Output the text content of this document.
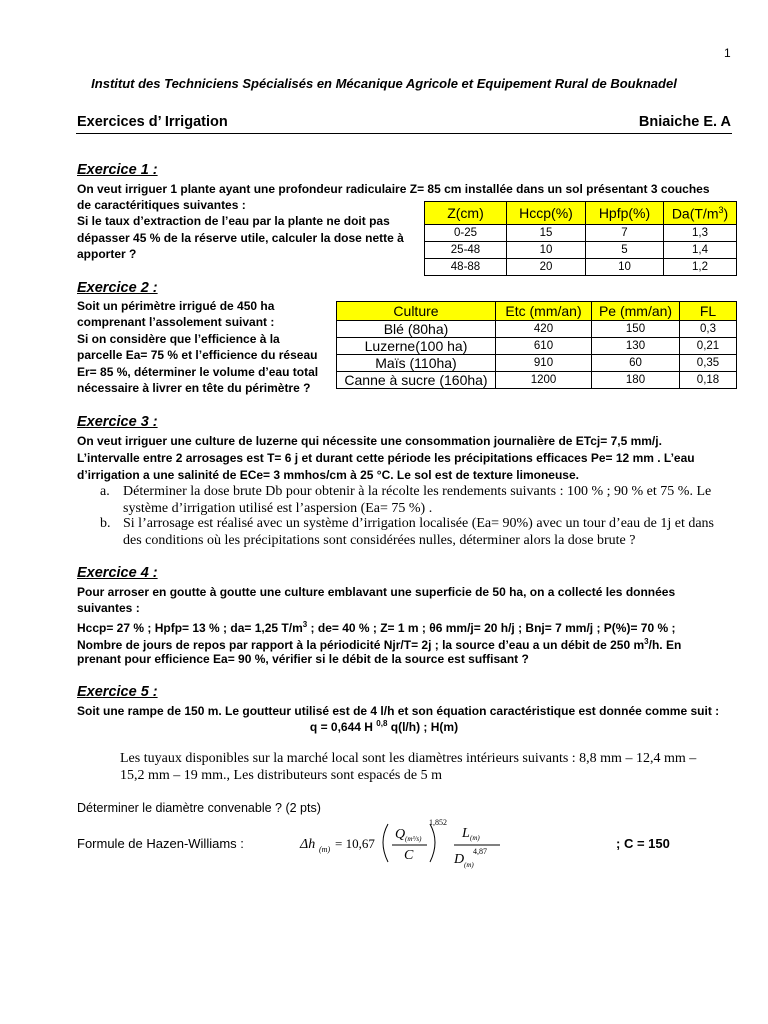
1
Institut des Techniciens Spécialisés en Mécanique Agricole et Equipement Rural de Bouknadel
Exercices d’ Irrigation	Bniaiche E. A
Exercice 1 :
On veut irriguer 1 plante ayant une profondeur radiculaire Z= 85 cm installée dans un sol présentant 3 couches
de caractéritiques suivantes :
Si le taux d’extraction de l’eau par la plante ne doit pas
dépasser 45 % de la réserve utile, calculer la dose nette à
apporter ?
Z(cm)	Hccp(%)	Hpfp(%)	$Da(T/m^3)$
0-25	15	7	1,3
25-48	10	5	1,4
48-88	20	10	1,2
Exercice 2 :
Soit un périmètre irrigué de 450 ha
comprenant l’assolement suivant :
Si on considère que l’efficience à la
parcelle Ea= 75 % et l’efficience du réseau
Er= 85 %, déterminer le volume d’eau total
nécessaire à livrer en tête du périmètre ?
Culture	Etc (mm/an)	Pe (mm/an)	FL
Blé (80ha)	420	150	0,3
Luzerne(100 ha)	610	130	0,21
Maïs (110ha)	910	60	0,35
Canne à sucre (160ha)	1200	180	0,18
Exercice 3 :
On veut irriguer une culture de luzerne qui nécessite une consommation journalière de ETcj= 7,5 mm/j.
L’intervalle entre 2 arrosages est T= 6 j et durant cette période les précipitations efficaces Pe= 12 mm . L’eau
d’irrigation a une salinité de ECe= 3 mmhos/cm à 25 °C. Le sol est de texture limoneuse.
a. Déterminer la dose brute Db pour obtenir à la récolte les rendements suivants : 100 % ; 90 % et 75 %. Le
système d’irrigation utilisé est l’aspersion (Ea= 75 %) .
b. Si l’arrosage est réalisé avec un système d’irrigation localisée (Ea= 90%) avec un tour d’eau de 1j et dans
des conditions où les précipitations sont considérées nulles, déterminer alors la dose brute ?
Exercice 4 :
Pour arroser en goutte à goutte une culture emblavant une superficie de 50 ha, on a collecté les données
suivantes :
Hccp= 27 % ; Hpfp= 13 % ; da= 1,25 $T/m^3$ ; de= 40 % ; Z= 1 m ; θ6 mm/j= 20 h/j ; Bnj= 7 mm/j ; P(%)= 70 % ;
Nombre de jours de repos par rapport à la périodicité Njr/T= 2j ; la source d’eau a un débit de 250 $m^3/h$. En
prenant pour efficience Ea= 90 %, vérifier si le débit de la source est suffisant ?
Exercice 5 :
Soit une rampe de 150 m. Le goutteur utilisé est de 4 l/h et son équation caractéristique est donnée comme suit :
q = 0,644 H $^{0,8}$ q(l/h) ; H(m)
Les tuyaux disponibles sur la marché local sont les diamètres intérieurs suivants : 8,8 mm – 12,4 mm –
15,2 mm – 19 mm., Les distributeurs sont espacés de 5 m
Déterminer le diamètre convenable ? (2 pts)
Formule de Hazen-Williams :	Δh (m) = 10,67
Q (m³/s)
C
1,852
L (m)
D (m)
4,87
; C = 150
